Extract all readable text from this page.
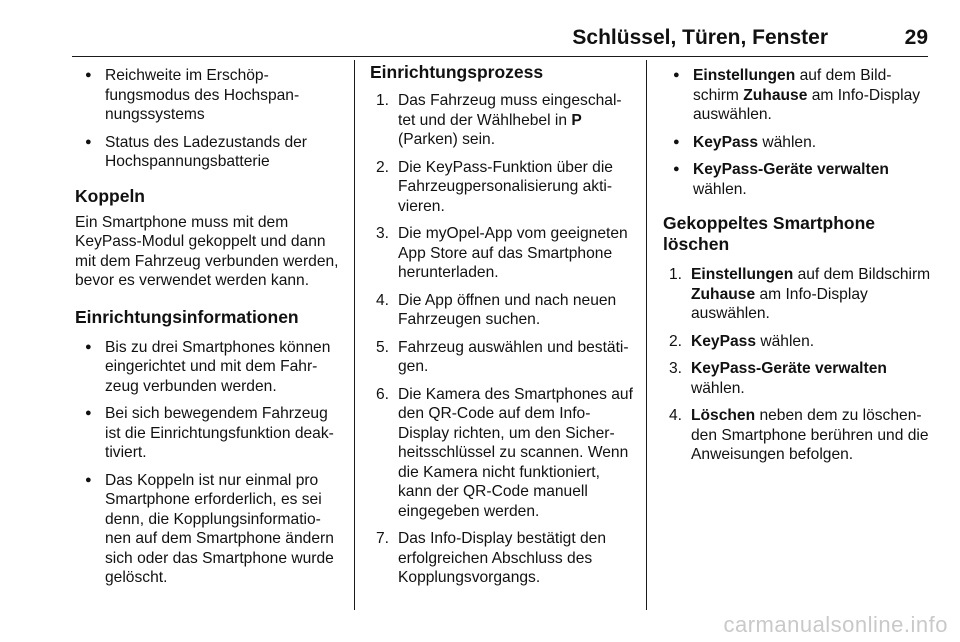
Schlüssel, Türen, Fenster	29
● Reichweite im Erschöp-fungsmodus des Hochspan-nungssystems
● Status des Ladezustands der Hochspannungsbatterie
Koppeln

Ein Smartphone muss mit dem KeyPass-Modul gekoppelt und dann mit dem Fahrzeug verbunden werden, bevor es verwendet werden kann.

Einrichtungsinformationen
● Bis zu drei Smartphones können eingerichtet und mit dem Fahr-zeug verbunden werden.
● Bei sich bewegendem Fahrzeug ist die Einrichtungsfunktion deak-tiviert.
● Das Koppeln ist nur einmal pro Smartphone erforderlich, es sei denn, die Kopplungsinformatio-nen auf dem Smartphone ändern sich oder das Smartphone wurde gelöscht.
Einrichtungsprozess
1. Das Fahrzeug muss eingeschal-tet und der Wählhebel in P (Parken) sein.
2. Die KeyPass-Funktion über die Fahrzeugpersonalisierung akti-vieren.
3. Die myOpel-App vom geeigneten App Store auf das Smartphone herunterladen.
4. Die App öffnen und nach neuen Fahrzeugen suchen.
5. Fahrzeug auswählen und bestäti-gen.
6. Die Kamera des Smartphones auf den QR-Code auf dem Info-Display richten, um den Sicher-heitsschlüssel zu scannen. Wenn die Kamera nicht funktioniert, kann der QR-Code manuell eingegeben werden.
7. Das Info-Display bestätigt den erfolgreichen Abschluss des Kopplungsvorgangs.
● Einstellungen auf dem Bild-schirm Zuhause am Info-Display auswählen.
● KeyPass wählen.
● KeyPass-Geräte verwalten wählen.
Gekoppeltes Smartphone löschen
1. Einstellungen auf dem Bildschirm Zuhause am Info-Display auswählen.
2. KeyPass wählen.
3. KeyPass-Geräte verwalten wählen.
4. Löschen neben dem zu löschen-den Smartphone berühren und die Anweisungen befolgen.
carmanualsonline.info
